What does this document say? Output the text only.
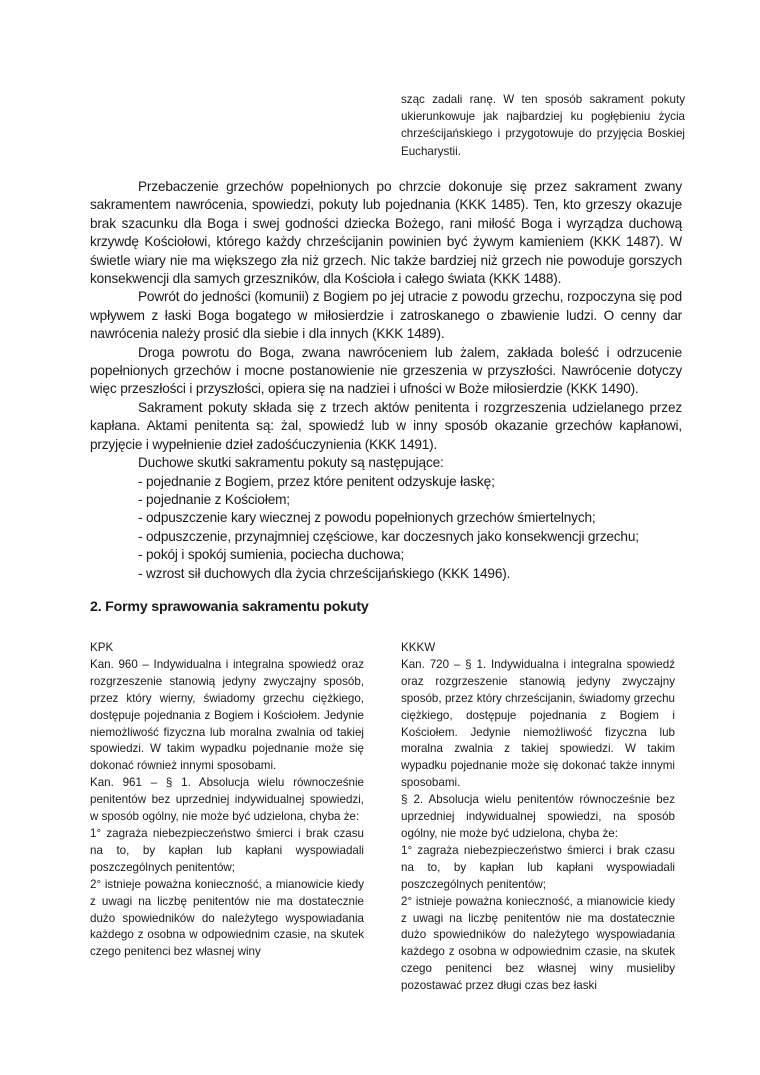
sząc zadali ranę. W ten sposób sakrament pokuty ukierunkowuje jak najbardziej ku pogłębieniu życia chrześcijańskiego i przygotowuje do przyjęcia Boskiej Eucharystii.

Przebaczenie grzechów popełnionych po chrzcie dokonuje się przez sakrament zwany sakramentem nawrócenia, spowiedzi, pokuty lub pojednania (KKK 1485). Ten, kto grzeszy okazuje brak szacunku dla Boga i swej godności dziecka Bożego, rani miłość Boga i wyrządza duchową krzywdę Kościołowi, którego każdy chrześcijanin powinien być żywym kamieniem (KKK 1487). W świetle wiary nie ma większego zła niż grzech. Nic także bardziej niż grzech nie powoduje gorszych konsekwencji dla samych grzeszników, dla Kościoła i całego świata (KKK 1488).

Powrót do jedności (komunii) z Bogiem po jej utracie z powodu grzechu, rozpoczyna się pod wpływem z łaski Boga bogatego w miłosierdzie i zatroskanego o zbawienie ludzi. O cenny dar nawrócenia należy prosić dla siebie i dla innych (KKK 1489).

Droga powrotu do Boga, zwana nawróceniem lub żalem, zakłada boleść i odrzucenie popełnionych grzechów i mocne postanowienie nie grzeszenia w przyszłości. Nawrócenie dotyczy więc przeszłości i przyszłości, opiera się na nadziei i ufności w Boże miłosierdzie (KKK 1490).

Sakrament pokuty składa się z trzech aktów penitenta i rozgrzeszenia udzielanego przez kapłana. Aktami penitenta są: żal, spowiedź lub w inny sposób okazanie grzechów kapłanowi, przyjęcie i wypełnienie dzieł zadośćuczynienia (KKK 1491).

Duchowe skutki sakramentu pokuty są następujące:

- pojednanie z Bogiem, przez które penitent odzyskuje łaskę;
- pojednanie z Kościołem;
- odpuszczenie kary wiecznej z powodu popełnionych grzechów śmiertelnych;
- odpuszczenie, przynajmniej częściowe, kar doczesnych jako konsekwencji grzechu;
- pokój i spokój sumienia, pociecha duchowa;
- wzrost sił duchowych dla życia chrześcijańskiego (KKK 1496).
2. Formy sprawowania sakramentu pokuty

KPK

Kan. 960 – Indywidualna i integralna spowiedź oraz rozgrzeszenie stanowią jedyny zwyczajny sposób, przez który wierny, świadomy grzechu ciężkiego, dostępuje pojednania z Bogiem i Kościołem. Jedynie niemożliwość fizyczna lub moralna zwalnia od takiej spowiedzi. W takim wypadku pojednanie może się dokonać również innymi sposobami.

Kan. 961 – § 1. Absolucja wielu równocześnie penitentów bez uprzedniej indywidualnej spowiedzi, w sposób ogólny, nie może być udzielona, chyba że:

1° zagraża niebezpieczeństwo śmierci i brak czasu na to, by kapłan lub kapłani wyspowiadali poszczególnych penitentów;

2° istnieje poważna konieczność, a mianowicie kiedy z uwagi na liczbę penitentów nie ma dostatecznie dużo spowiedników do należytego wyspowiadania każdego z osobna w odpowiednim czasie, na skutek czego penitenci bez własnej winy

KKKW

Kan. 720 – § 1. Indywidualna i integralna spowiedź oraz rozgrzeszenie stanowią jedyny zwyczajny sposób, przez który chrześcijanin, świadomy grzechu ciężkiego, dostępuje pojednania z Bogiem i Kościołem. Jedynie niemożliwość fizyczna lub moralna zwalnia z takiej spowiedzi. W takim wypadku pojednanie może się dokonać także innymi sposobami.

§ 2. Absolucja wielu penitentów równocześnie bez uprzedniej indywidualnej spowiedzi, na sposób ogólny, nie może być udzielona, chyba że:

1° zagraża niebezpieczeństwo śmierci i brak czasu na to, by kapłan lub kapłani wyspowiadali poszczególnych penitentów;

2° istnieje poważna konieczność, a mianowicie kiedy z uwagi na liczbę penitentów nie ma dostatecznie dużo spowiedników do należytego wyspowiadania każdego z osobna w odpowiednim czasie, na skutek czego penitenci bez własnej winy musieliby pozostawać przez długi czas bez łaski
